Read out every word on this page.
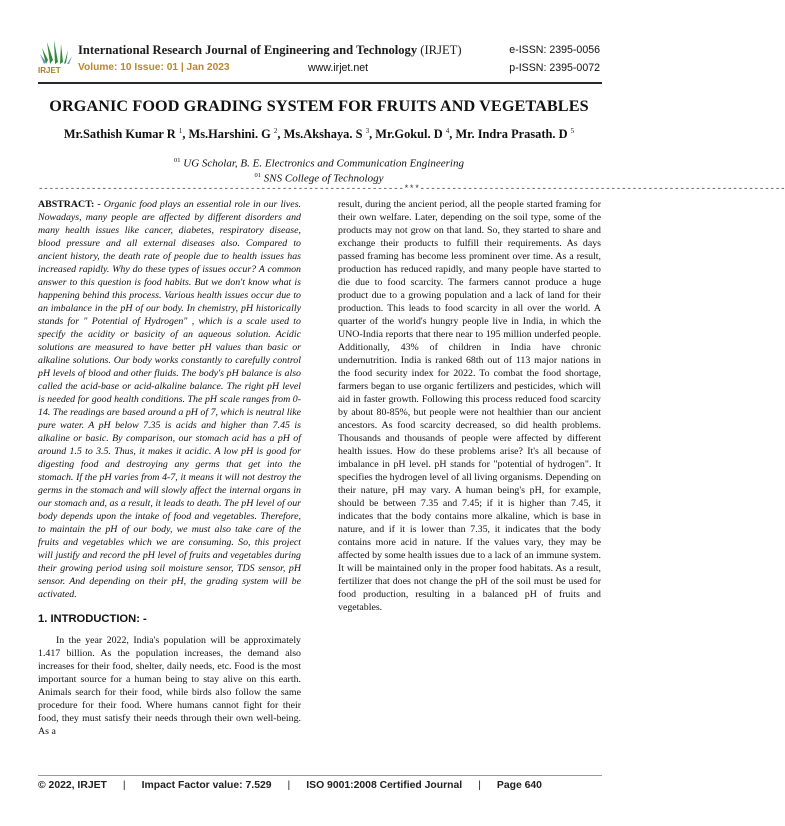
IRJET
International Research Journal of Engineering and Technology (IRJET)	e-ISSN: 2395-0056
Volume: 10 Issue: 01 | Jan 2023	www.irjet.net	p-ISSN: 2395-0072
ORGANIC FOOD GRADING SYSTEM FOR FRUITS AND VEGETABLES
Mr.Sathish Kumar R $^1$, Ms.Harshini. G $^2$, Ms.Akshaya. S $^3$, Mr.Gokul. D $^4$, Mr. Indra Prasath. D $^5$
$^{01}$ UG Scholar, B. E. Electronics and Communication Engineering
$^{01}$ SNS College of Technology
---------------------------------------------------------------------***---------------------------------------------------------------------

ABSTRACT: - Organic food plays an essential role in our lives. Nowadays, many people are affected by different disorders and many health issues like cancer, diabetes, respiratory disease, blood pressure and all external diseases also. Compared to ancient history, the death rate of people due to health issues has increased rapidly. Why do these types of issues occur? A common answer to this question is food habits. But we don't know what is happening behind this process. Various health issues occur due to an imbalance in the pH of our body. In chemistry, pH historically stands for " Potential of Hydrogen" , which is a scale used to specify the acidity or basicity of an aqueous solution. Acidic solutions are measured to have better pH values than basic or alkaline solutions. Our body works constantly to carefully control pH levels of blood and other fluids. The body's pH balance is also called the acid-base or acid-alkaline balance. The right pH level is needed for good health conditions. The pH scale ranges from 0-14. The readings are based around a pH of 7, which is neutral like pure water. A pH below 7.35 is acids and higher than 7.45 is alkaline or basic. By comparison, our stomach acid has a pH of around 1.5 to 3.5. Thus, it makes it acidic. A low pH is good for digesting food and destroying any germs that get into the stomach. If the pH varies from 4-7, it means it will not destroy the germs in the stomach and will slowly affect the internal organs in our stomach and, as a result, it leads to death. The pH level of our body depends upon the intake of food and vegetables. Therefore, to maintain the pH of our body, we must also take care of the fruits and vegetables which we are consuming. So, this project will justify and record the pH level of fruits and vegetables during their growing period using soil moisture sensor, TDS sensor, pH sensor. And depending on their pH, the grading system will be activated.

1. INTRODUCTION: -

In the year 2022, India's population will be approximately 1.417 billion. As the population increases, the demand also increases for their food, shelter, daily needs, etc. Food is the most important source for a human being to stay alive on this earth. Animals search for their food, while birds also follow the same procedure for their food. Where humans cannot fight for their food, they must satisfy their needs through their own well-being. As a

result, during the ancient period, all the people started framing for their own welfare. Later, depending on the soil type, some of the products may not grow on that land. So, they started to share and exchange their products to fulfill their requirements. As days passed framing has become less prominent over time. As a result, production has reduced rapidly, and many people have started to die due to food scarcity. The farmers cannot produce a huge product due to a growing population and a lack of land for their production. This leads to food scarcity in all over the world. A quarter of the world's hungry people live in India, in which the UNO-India reports that there near to 195 million underfed people. Additionally, 43% of children in India have chronic undernutrition. India is ranked 68th out of 113 major nations in the food security index for 2022. To combat the food shortage, farmers began to use organic fertilizers and pesticides, which will aid in faster growth. Following this process reduced food scarcity by about 80-85%, but people were not healthier than our ancient ancestors. As food scarcity decreased, so did health problems. Thousands and thousands of people were affected by different health issues. How do these problems arise? It's all because of imbalance in pH level. pH stands for "potential of hydrogen". It specifies the hydrogen level of all living organisms. Depending on their nature, pH may vary. A human being's pH, for example, should be between 7.35 and 7.45; if it is higher than 7.45, it indicates that the body contains more alkaline, which is base in nature, and if it is lower than 7.35, it indicates that the body contains more acid in nature. If the values vary, they may be affected by some health issues due to a lack of an immune system. It will be maintained only in the proper food habitats. As a result, fertilizer that does not change the pH of the soil must be used for food production, resulting in a balanced pH of fruits and vegetables.

© 2022, IRJET | Impact Factor value: 7.529 | ISO 9001:2008 Certified Journal | Page 640
